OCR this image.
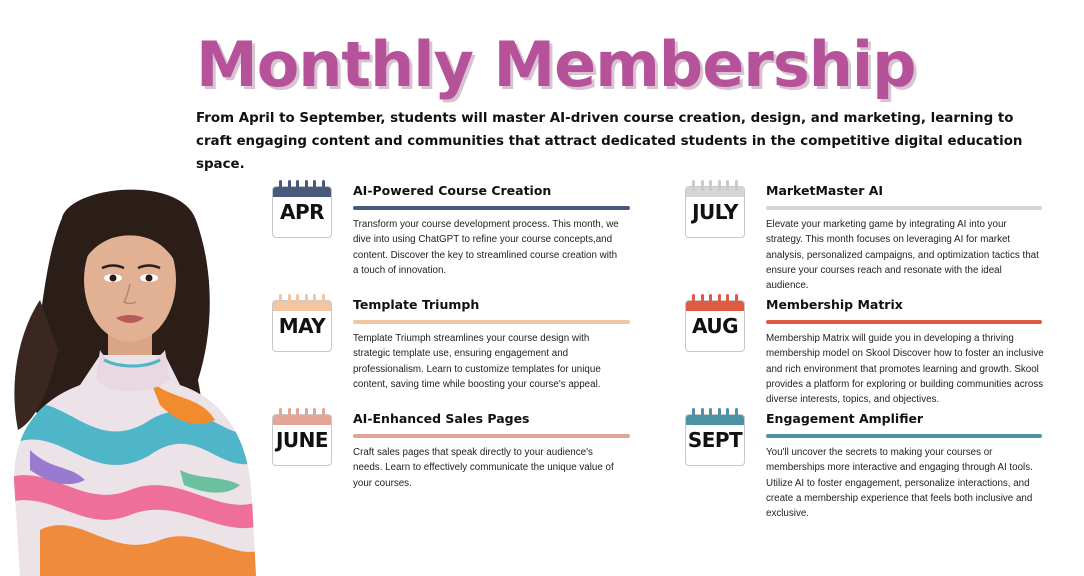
Monthly Membership
From April to September, students will master AI-driven course creation, design, and marketing, learning to craft engaging content and communities that attract dedicated students in the competitive digital education space.
APR
AI-Powered Course Creation
Transform your course development process. This month, we dive into using ChatGPT to refine your course concepts,and content. Discover the key to streamlined course creation with a touch of innovation.
MAY
Template Triumph
Template Triumph streamlines your course design with strategic template use, ensuring engagement and professionalism. Learn to customize templates for unique content, saving time while boosting your course's appeal.
JUNE
AI-Enhanced Sales Pages
Craft sales pages that speak directly to your audience's needs. Learn to effectively communicate the unique value of your courses.
JULY
MarketMaster AI
Elevate your marketing game by integrating AI into your strategy. This month focuses on leveraging AI for market analysis, personalized campaigns, and optimization tactics that ensure your courses reach and resonate with the ideal audience.
AUG
Membership Matrix
Membership Matrix will guide you in developing a thriving membership model on Skool Discover how to foster an inclusive and rich environment that promotes learning and growth. Skool provides a platform for exploring or building communities across diverse interests, topics, and objectives.
SEPT
Engagement Amplifier
You'll uncover the secrets to making your courses or memberships more interactive and engaging through AI tools. Utilize AI to foster engagement, personalize interactions, and create a membership experience that feels both inclusive and exclusive.
